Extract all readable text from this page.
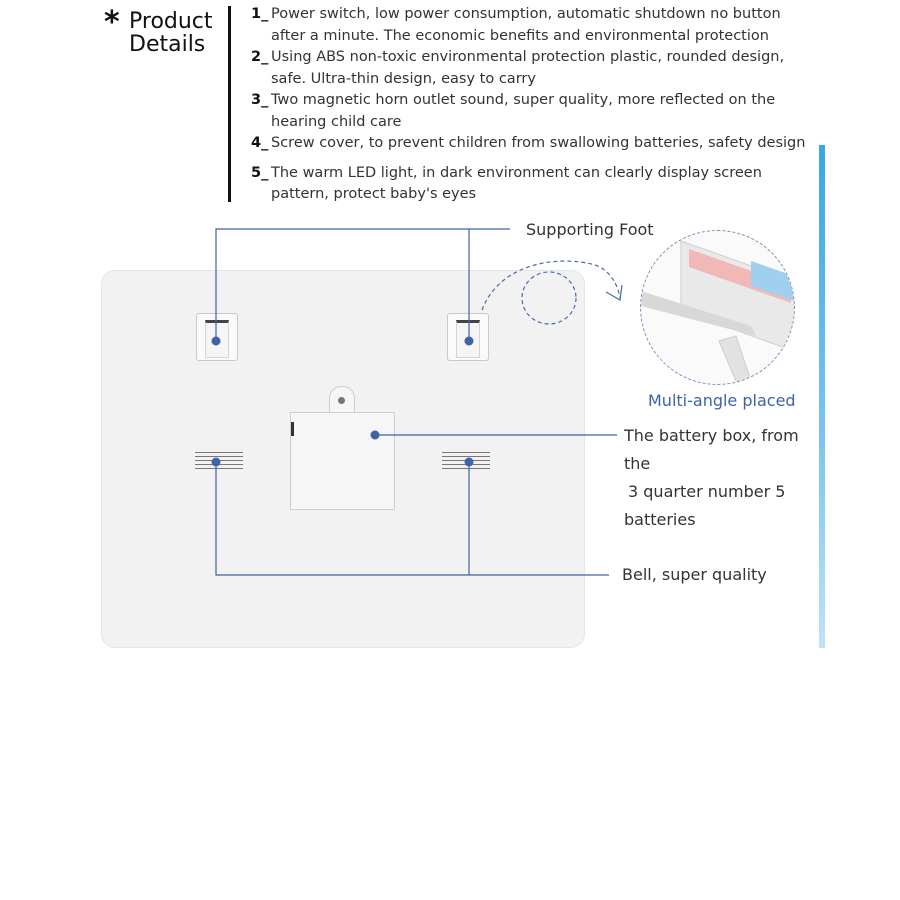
* Product
Details
1_ Power switch, low power consumption, automatic shutdown no button after a minute. The economic benefits and environmental protection
2_ Using ABS non-toxic environmental protection plastic, rounded design, safe. Ultra-thin design, easy to carry
3_ Two magnetic horn outlet sound, super quality, more reflected on the hearing child care
4_ Screw cover, to prevent children from swallowing batteries, safety design
5_ The warm LED light, in dark environment can clearly display screen pattern, protect baby's eyes

Supporting Foot

Multi-angle placed

The battery box, from the
3 quarter number 5
batteries

Bell, super quality
